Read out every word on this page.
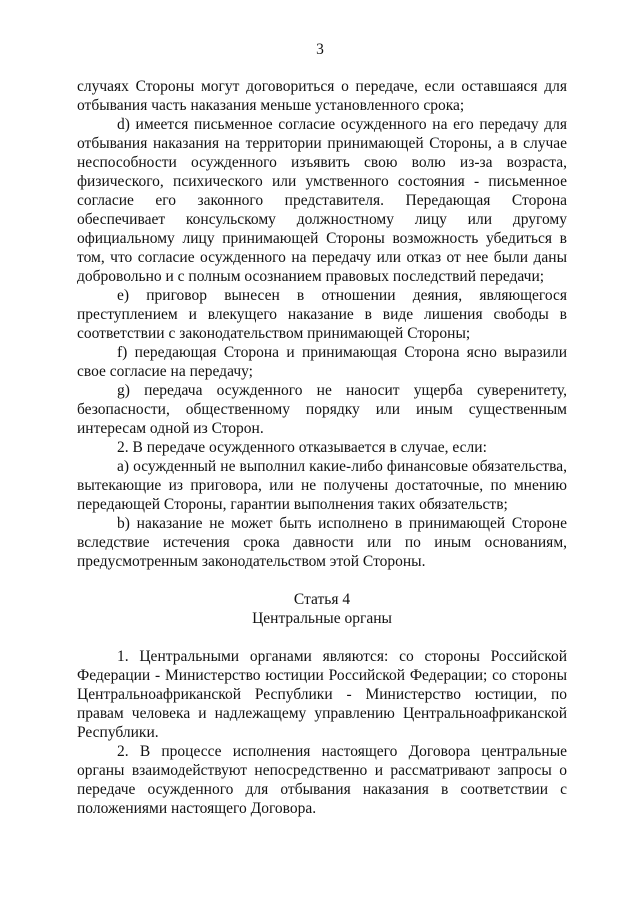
3

случаях Стороны могут договориться о передаче, если оставшаяся для отбывания часть наказания меньше установленного срока;

d) имеется письменное согласие осужденного на его передачу для отбывания наказания на территории принимающей Стороны, а в случае неспособности осужденного изъявить свою волю из-за возраста, физического, психического или умственного состояния - письменное согласие его законного представителя. Передающая Сторона обеспечивает консульскому должностному лицу или другому официальному лицу принимающей Стороны возможность убедиться в том, что согласие осужденного на передачу или отказ от нее были даны добровольно и с полным осознанием правовых последствий передачи;

e) приговор вынесен в отношении деяния, являющегося преступлением и влекущего наказание в виде лишения свободы в соответствии с законодательством принимающей Стороны;

f) передающая Сторона и принимающая Сторона ясно выразили свое согласие на передачу;

g) передача осужденного не наносит ущерба суверенитету, безопасности, общественному порядку или иным существенным интересам одной из Сторон.

2. В передаче осужденного отказывается в случае, если:

a) осужденный не выполнил какие-либо финансовые обязательства, вытекающие из приговора, или не получены достаточные, по мнению передающей Стороны, гарантии выполнения таких обязательств;

b) наказание не может быть исполнено в принимающей Стороне вследствие истечения срока давности или по иным основаниям, предусмотренным законодательством этой Стороны.

Статья 4

Центральные органы

1. Центральными органами являются: со стороны Российской Федерации - Министерство юстиции Российской Федерации; со стороны Центральноафриканской Республики - Министерство юстиции, по правам человека и надлежащему управлению Центральноафриканской Республики.

2. В процессе исполнения настоящего Договора центральные органы взаимодействуют непосредственно и рассматривают запросы о передаче осужденного для отбывания наказания в соответствии с положениями настоящего Договора.
